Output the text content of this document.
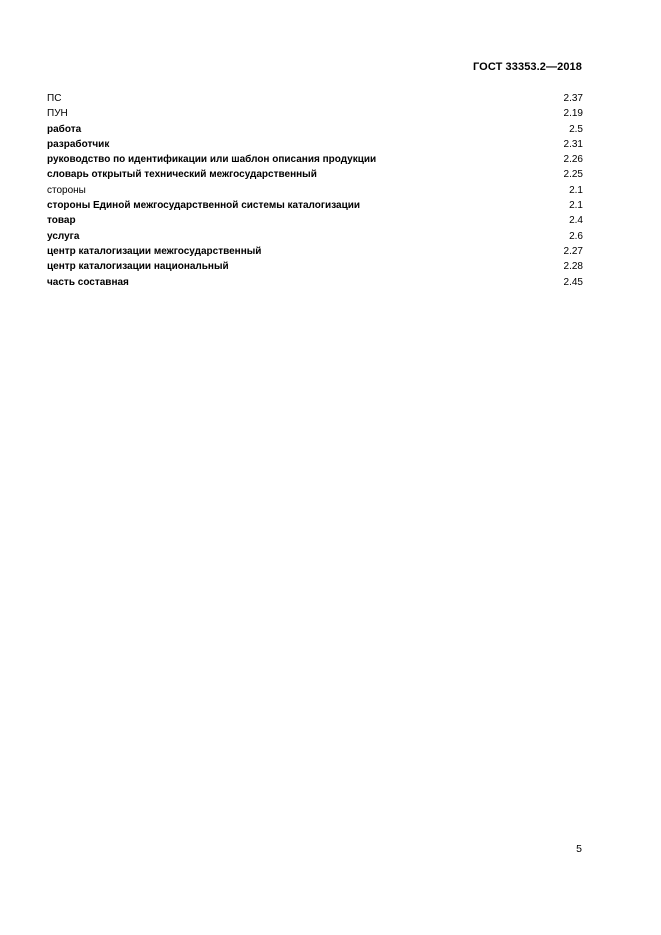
ГОСТ 33353.2—2018
ПС	2.37
ПУН	2.19
работа	2.5
разработчик	2.31
руководство по идентификации или шаблон описания продукции	2.26
словарь открытый технический межгосударственный	2.25
стороны	2.1
стороны Единой межгосударственной системы каталогизации	2.1
товар	2.4
услуга	2.6
центр каталогизации межгосударственный	2.27
центр каталогизации национальный	2.28
часть составная	2.45
5
